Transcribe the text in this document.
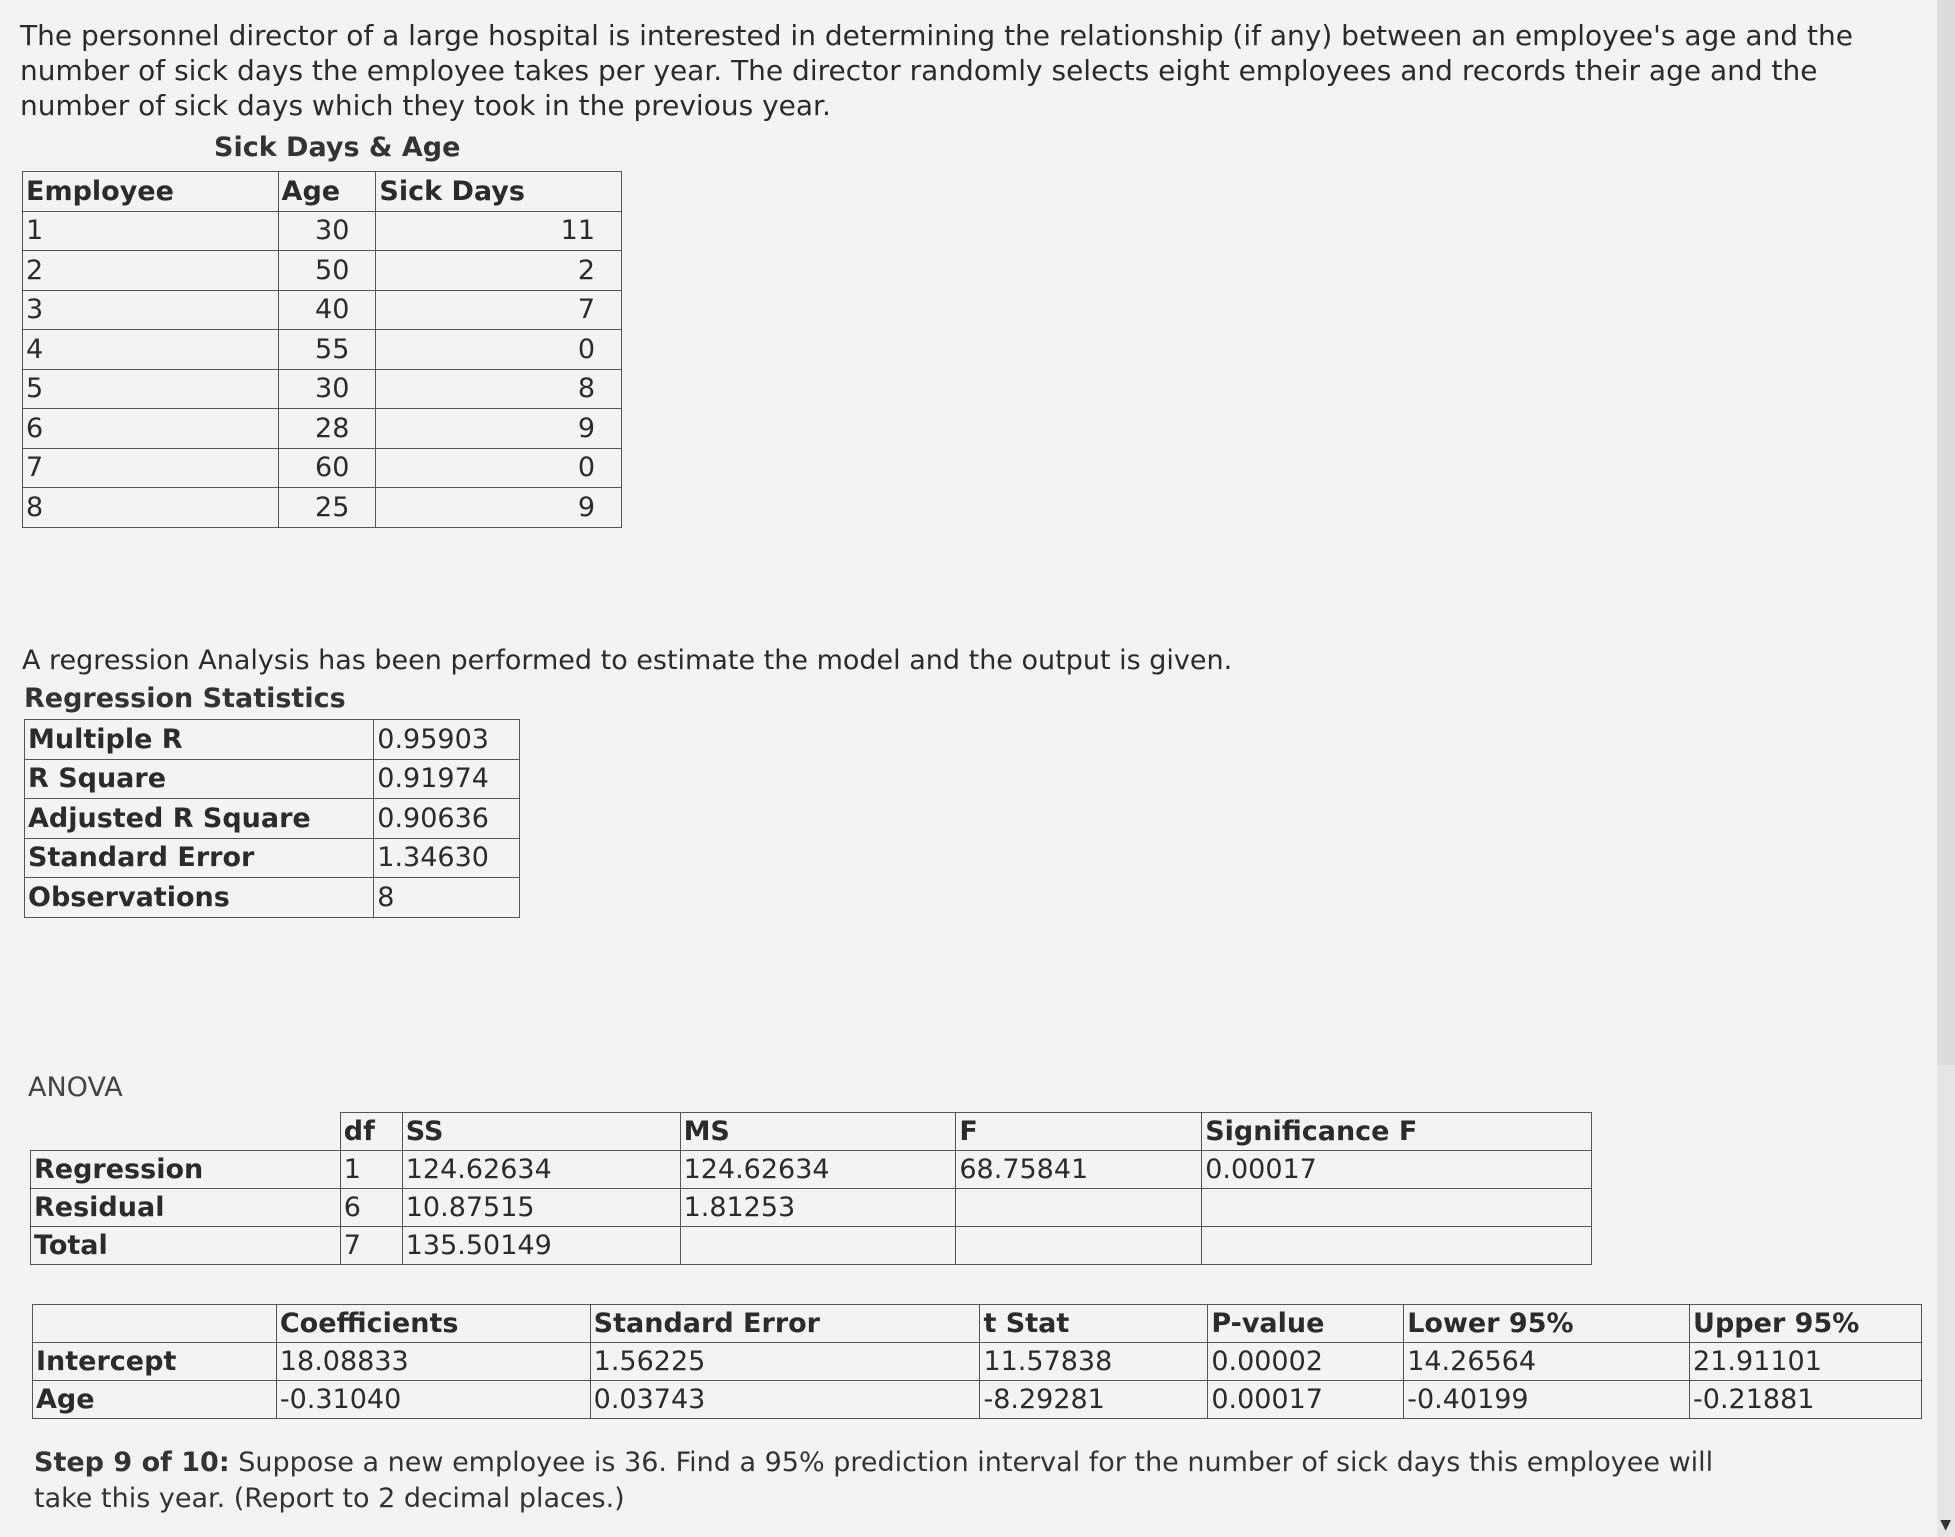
The personnel director of a large hospital is interested in determining the relationship (if any) between an employee's age and the number of sick days the employee takes per year. The director randomly selects eight employees and records their age and the number of sick days which they took in the previous year.

Sick Days & Age
Employee	Age	Sick Days
1	30	11
2	50	2
3	40	7
4	55	0
5	30	8
6	28	9
7	60	0
8	25	9
A regression Analysis has been performed to estimate the model and the output is given.
Regression Statistics
Multiple R	0.95903
R Square	0.91974
Adjusted R Square	0.90636
Standard Error	1.34630
Observations	8
ANOVA
	df	SS	MS	F	Significance F
Regression	1	124.62634	124.62634	68.75841	0.00017
Residual	6	10.87515	1.81253		
Total	7	135.50149			
	Coefficients	Standard Error	t Stat	P-value	Lower 95%	Upper 95%
Intercept	18.08833	1.56225	11.57838	0.00002	14.26564	21.91101
Age	-0.31040	0.03743	-8.29281	0.00017	-0.40199	-0.21881
Step 9 of 10: Suppose a new employee is 36. Find a 95% prediction interval for the number of sick days this employee will take this year. (Report to 2 decimal places.)
▼
